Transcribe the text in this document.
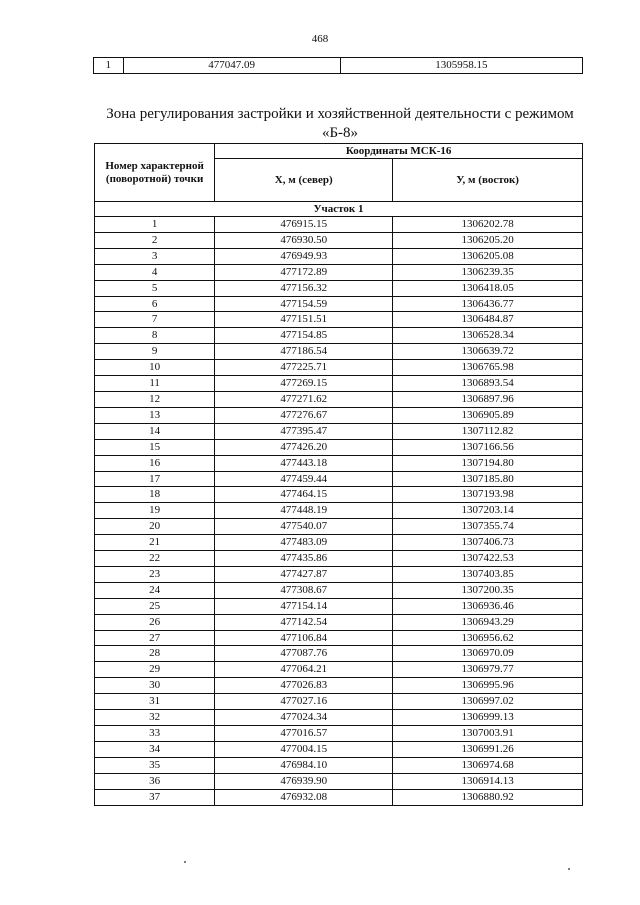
468
1	477047.09	1305958.15
Зона регулирования застройки и хозяйственной деятельности с режимом «Б-8»
Номер характерной (поворотной) точки	Координаты МСК-16	
	Х, м (север)	У, м (восток)
Участок 1		
1	476915.15	1306202.78
2	476930.50	1306205.20
3	476949.93	1306205.08
4	477172.89	1306239.35
5	477156.32	1306418.05
6	477154.59	1306436.77
7	477151.51	1306484.87
8	477154.85	1306528.34
9	477186.54	1306639.72
10	477225.71	1306765.98
11	477269.15	1306893.54
12	477271.62	1306897.96
13	477276.67	1306905.89
14	477395.47	1307112.82
15	477426.20	1307166.56
16	477443.18	1307194.80
17	477459.44	1307185.80
18	477464.15	1307193.98
19	477448.19	1307203.14
20	477540.07	1307355.74
21	477483.09	1307406.73
22	477435.86	1307422.53
23	477427.87	1307403.85
24	477308.67	1307200.35
25	477154.14	1306936.46
26	477142.54	1306943.29
27	477106.84	1306956.62
28	477087.76	1306970.09
29	477064.21	1306979.77
30	477026.83	1306995.96
31	477027.16	1306997.02
32	477024.34	1306999.13
33	477016.57	1307003.91
34	477004.15	1306991.26
35	476984.10	1306974.68
36	476939.90	1306914.13
37	476932.08	1306880.92
